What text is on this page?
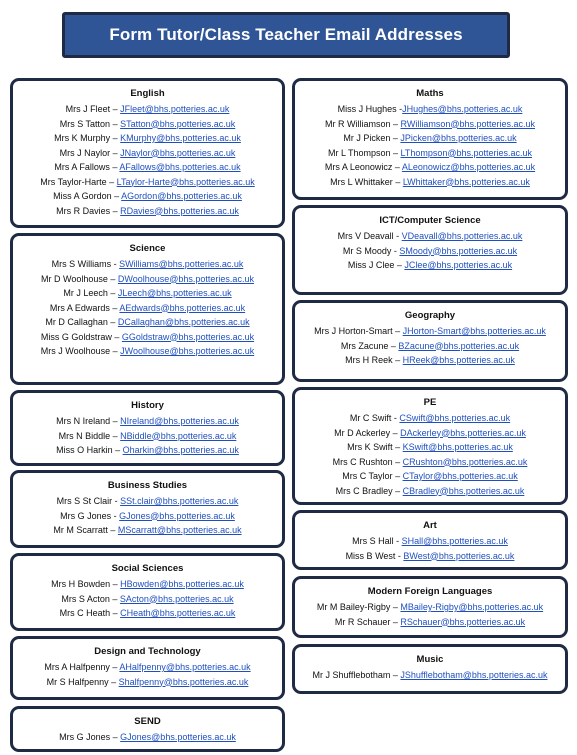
Form Tutor/Class Teacher Email Addresses
English
Mrs J Fleet – JFleet@bhs.potteries.ac.uk
Mrs S Tatton – STatton@bhs.potteries.ac.uk
Mrs K Murphy – KMurphy@bhs.potteries.ac.uk
Mrs J Naylor – JNaylor@bhs.potteries.ac.uk
Mrs A Fallows – AFallows@bhs.potteries.ac.uk
Mrs Taylor-Harte – LTaylor-Harte@bhs.potteries.ac.uk
Miss A Gordon – AGordon@bhs.potteries.ac.uk
Mrs R Davies – RDavies@bhs.potteries.ac.uk
Science
Mrs S Williams - SWilliams@bhs.potteries.ac.uk
Mr D Woolhouse – DWoolhouse@bhs.potteries.ac.uk
Mr J Leech – JLeech@bhs.potteries.ac.uk
Mrs A Edwards – AEdwards@bhs.potteries.ac.uk
Mr D Callaghan – DCallaghan@bhs.potteries.ac.uk
Miss G Goldstraw – GGoldstraw@bhs.potteries.ac.uk
Mrs J Woolhouse – JWoolhouse@bhs.potteries.ac.uk
History
Mrs N Ireland – NIreland@bhs.potteries.ac.uk
Mrs N Biddle – NBiddle@bhs.potteries.ac.uk
Miss O Harkin – Oharkin@bhs.potteries.ac.uk
Business Studies
Mrs S St Clair - SSt.clair@bhs.potteries.ac.uk
Mrs G Jones - GJones@bhs.potteries.ac.uk
Mr M Scarratt – MScarratt@bhs.potteries.ac.uk
Social Sciences
Mrs H Bowden – HBowden@bhs.potteries.ac.uk
Mrs S Acton – SActon@bhs.potteries.ac.uk
Mrs C Heath – CHeath@bhs.potteries.ac.uk
Design and Technology
Mrs A Halfpenny – AHalfpenny@bhs.potteries.ac.uk
Mr S Halfpenny – Shalfpenny@bhs.potteries.ac.uk
SEND
Mrs G Jones – GJones@bhs.potteries.ac.uk
Maths
Miss J Hughes -JHughes@bhs.potteries.ac.uk
Mr R Williamson – RWilliamson@bhs.potteries.ac.uk
Mr J Picken – JPicken@bhs.potteries.ac.uk
Mr L Thompson – LThompson@bhs.potteries.ac.uk
Mrs A Leonowicz – ALeonowicz@bhs.potteries.ac.uk
Mrs L Whittaker – LWhittaker@bhs.potteries.ac.uk
ICT/Computer Science
Mrs V Deavall - VDeavall@bhs.potteries.ac.uk
Mr S Moody - SMoody@bhs.potteries.ac.uk
Miss J Clee – JClee@bhs.potteries.ac.uk
Geography
Mrs J Horton-Smart – JHorton-Smart@bhs.potteries.ac.uk
Mrs Zacune – BZacune@bhs.potteries.ac.uk
Mrs H Reek – HReek@bhs.potteries.ac.uk
PE
Mr C Swift - CSwift@bhs.potteries.ac.uk
Mr D Ackerley – DAckerley@bhs.potteries.ac.uk
Mrs K Swift – KSwift@bhs.potteries.ac.uk
Mrs C Rushton – CRushton@bhs.potteries.ac.uk
Mrs C Taylor – CTaylor@bhs.potteries.ac.uk
Mrs C Bradley – CBradley@bhs.potteries.ac.uk
Art
Mrs S Hall - SHall@bhs.potteries.ac.uk
Miss B West - BWest@bhs.potteries.ac.uk
Modern Foreign Languages
Mr M Bailey-Rigby – MBailey-Rigby@bhs.potteries.ac.uk
Mr R Schauer – RSchauer@bhs.potteries.ac.uk
Music
Mr J Shufflebotham – JShufflebotham@bhs.potteries.ac.uk
